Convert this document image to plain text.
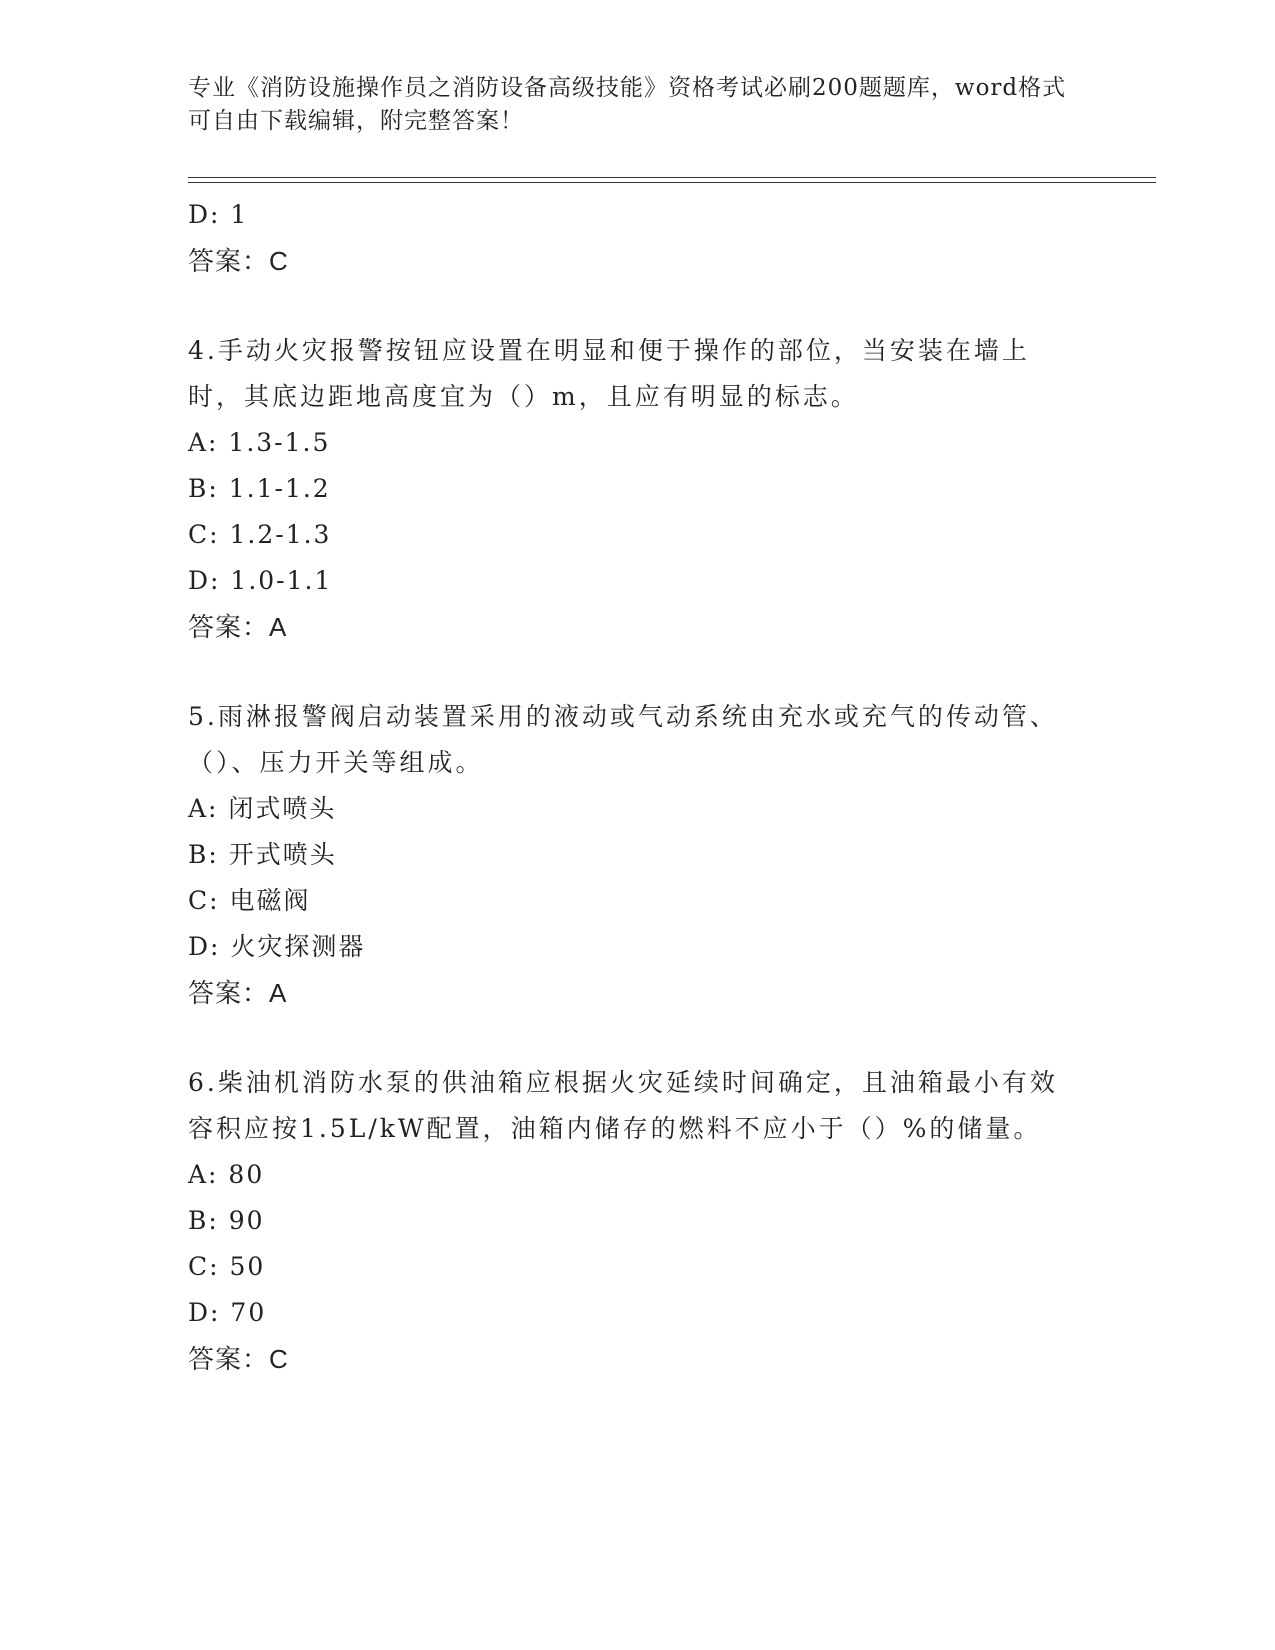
专业《消防设施操作员之消防设备高级技能》资格考试必刷200题题库，word格式可自由下载编辑，附完整答案！
D: 1
答案：C
4.手动火灾报警按钮应设置在明显和便于操作的部位，当安装在墙上时，其底边距地高度宜为（）m，且应有明显的标志。
A: 1.3-1.5
B: 1.1-1.2
C: 1.2-1.3
D: 1.0-1.1
答案：A
5.雨淋报警阀启动装置采用的液动或气动系统由充水或充气的传动管、（）、压力开关等组成。
A: 闭式喷头
B: 开式喷头
C: 电磁阀
D: 火灾探测器
答案：A
6.柴油机消防水泵的供油箱应根据火灾延续时间确定，且油箱最小有效容积应按1.5L/kW配置，油箱内储存的燃料不应小于（）%的储量。
A: 80
B: 90
C: 50
D: 70
答案：C
